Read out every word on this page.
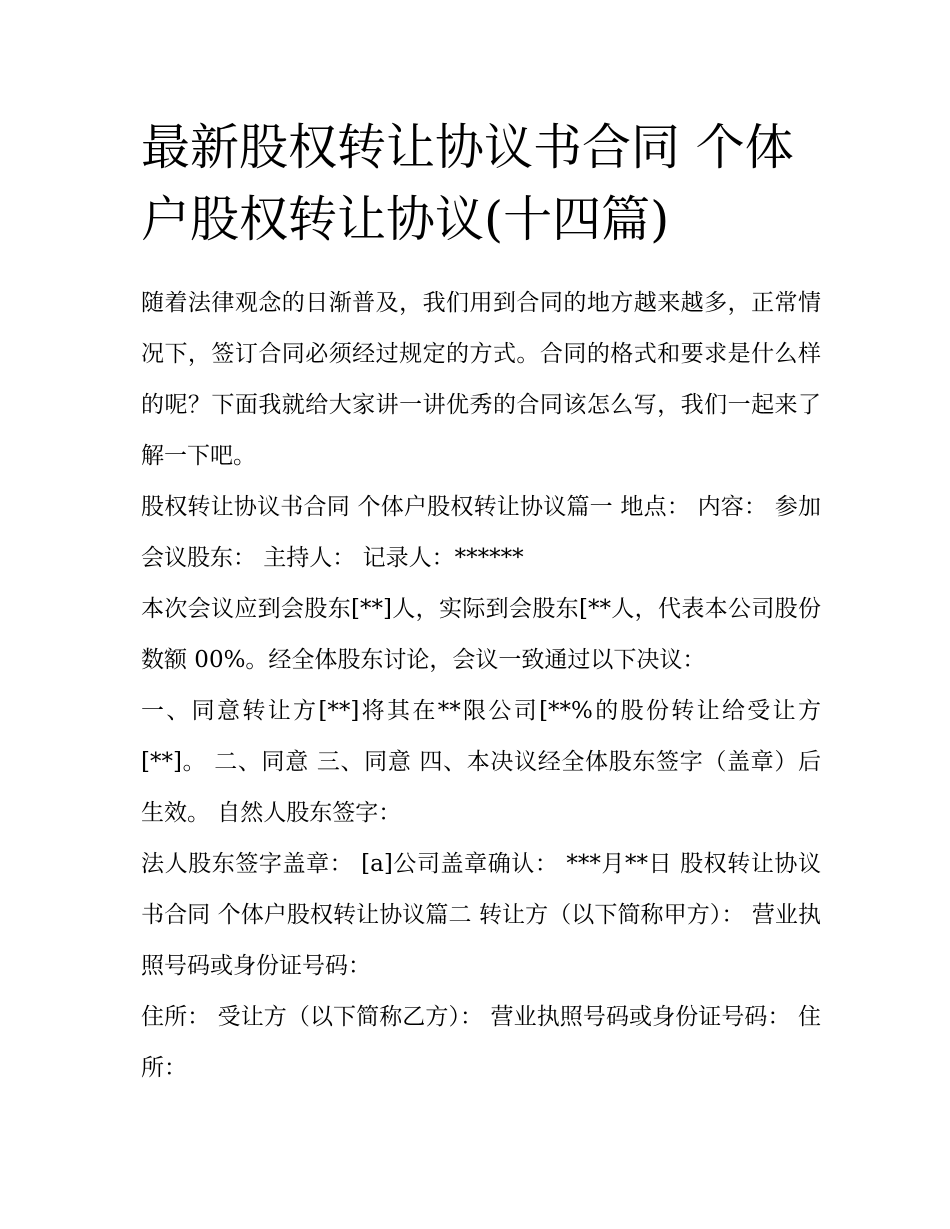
最新股权转让协议书合同 个体户股权转让协议(十四篇)

随着法律观念的日渐普及，我们用到合同的地方越来越多，正常情况下，签订合同必须经过规定的方式。合同的格式和要求是什么样的呢？下面我就给大家讲一讲优秀的合同该怎么写，我们一起来了解一下吧。

股权转让协议书合同 个体户股权转让协议篇一 地点： 内容： 参加会议股东： 主持人： 记录人：******

本次会议应到会股东[**]人，实际到会股东[**人，代表本公司股份数额 00%。经全体股东讨论，会议一致通过以下决议：

一、同意转让方[**]将其在**限公司[**%的股份转让给受让方[**]。 二、同意 三、同意 四、本决议经全体股东签字（盖章）后生效。 自然人股东签字：

法人股东签字盖章： [a]公司盖章确认： ***月**日 股权转让协议书合同 个体户股权转让协议篇二 转让方（以下简称甲方）： 营业执照号码或身份证号码：

住所： 受让方（以下简称乙方）： 营业执照号码或身份证号码： 住所：
